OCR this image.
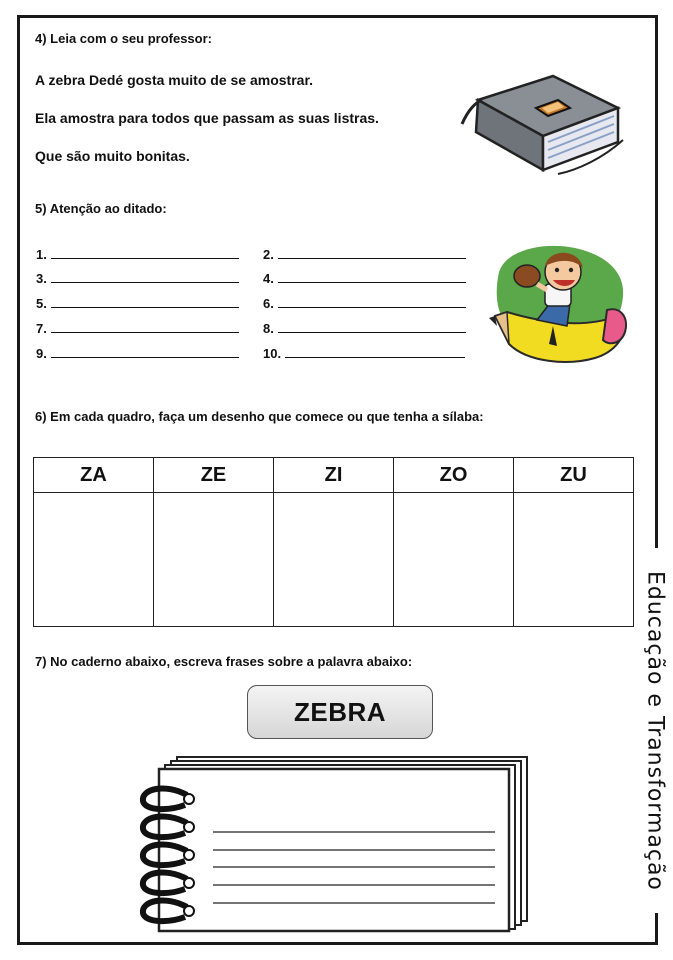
Educação e Transformação
4) Leia com o seu professor:
A zebra Dedé gosta muito de se amostrar.
Ela amostra para todos que passam as suas listras.
Que são muito bonitas.
5) Atenção ao ditado:
1.	2.
3.	4.
5.	6.
7.	8.
9.	10.
6) Em cada quadro, faça um desenho que comece ou que tenha a sílaba:
ZA	ZE	ZI	ZO	ZU

7) No caderno abaixo, escreva frases sobre a palavra abaixo:
ZEBRA
